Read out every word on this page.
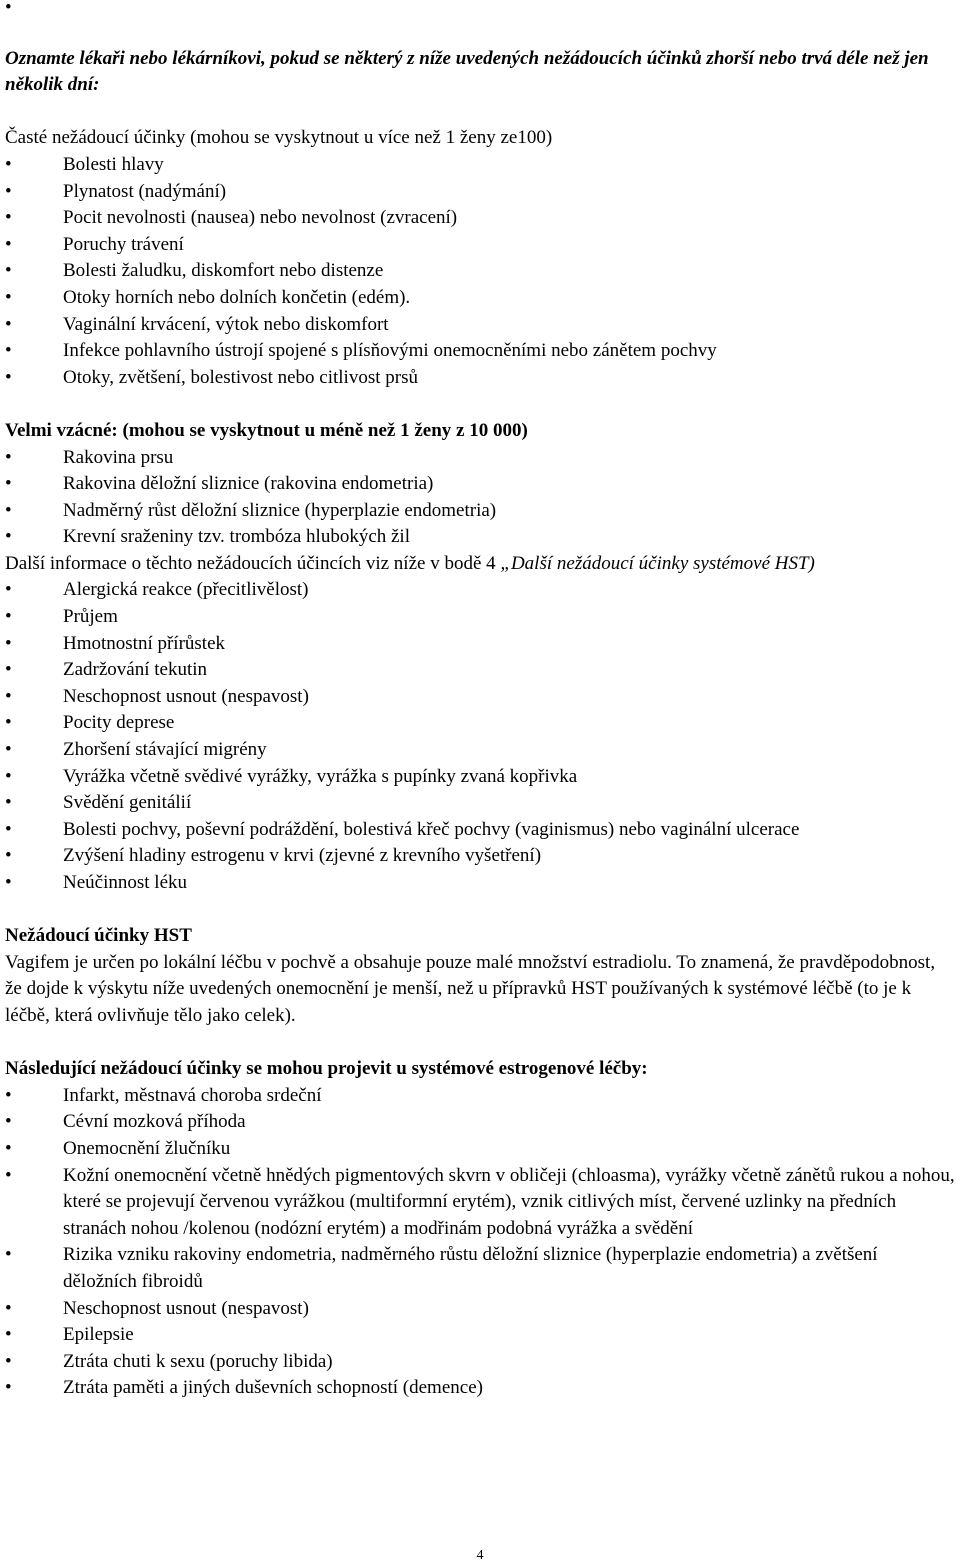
•

Oznamte lékaři nebo lékárníkovi, pokud se některý z níže uvedených nežádoucích účinků zhorší nebo trvá déle než jen několik dní:

Časté nežádoucí účinky (mohou se vyskytnout u více než 1 ženy ze100)

•	Bolesti hlavy
•	Plynatost (nadýmání)
•	Pocit nevolnosti (nausea) nebo nevolnost (zvracení)
•	Poruchy trávení
•	Bolesti žaludku, diskomfort nebo distenze
•	Otoky horních nebo dolních končetin (edém).
•	Vaginální krvácení, výtok nebo diskomfort
•	Infekce pohlavního ústrojí spojené s plísňovými onemocněními nebo zánětem pochvy
•	Otoky, zvětšení, bolestivost nebo citlivost prsů

Velmi vzácné: (mohou se vyskytnout u méně než 1 ženy z 10 000)

•	Rakovina prsu
•	Rakovina děložní sliznice (rakovina endometria)
•	Nadměrný růst děložní sliznice (hyperplazie endometria)
•	Krevní sraženiny tzv. trombóza hlubokých žil

Další informace o těchto nežádoucích účincích viz níže v bodě 4 „Další nežádoucí účinky systémové HST)

•	Alergická reakce (přecitlivělost)
•	Průjem
•	Hmotnostní přírůstek
•	Zadržování tekutin
•	Neschopnost usnout (nespavost)
•	Pocity deprese
•	Zhoršení stávající migrény
•	Vyrážka včetně svědivé vyrážky, vyrážka s pupínky zvaná kopřivka
•	Svědění genitálií
•	Bolesti pochvy, poševní podráždění, bolestivá křeč pochvy (vaginismus) nebo vaginální ulcerace
•	Zvýšení hladiny estrogenu v krvi (zjevné z krevního vyšetření)
•	Neúčinnost léku

Nežádoucí účinky HST

Vagifem je určen po lokální léčbu v pochvě a obsahuje pouze malé množství estradiolu. To znamená, že pravděpodobnost, že dojde k výskytu níže uvedených onemocnění je menší, než u přípravků HST používaných k systémové léčbě (to je k léčbě, která ovlivňuje tělo jako celek).

Následující nežádoucí účinky se mohou projevit u systémové estrogenové léčby:

•	Infarkt, městnavá choroba srdeční
•	Cévní mozková příhoda
•	Onemocnění žlučníku
•	Kožní onemocnění včetně hnědých pigmentových skvrn v obličeji (chloasma), vyrážky včetně zánětů rukou a nohou, které se projevují červenou vyrážkou (multiformní erytém), vznik citlivých míst, červené uzlinky na předních stranách nohou /kolenou (nodózní erytém) a modřinám podobná vyrážka a svědění
•	Rizika vzniku rakoviny endometria, nadměrného růstu děložní sliznice (hyperplazie endometria) a zvětšení děložních fibroidů
•	Neschopnost usnout (nespavost)
•	Epilepsie
•	Ztráta chuti k sexu (poruchy libida)
•	Ztráta paměti a jiných duševních schopností (demence)
4
